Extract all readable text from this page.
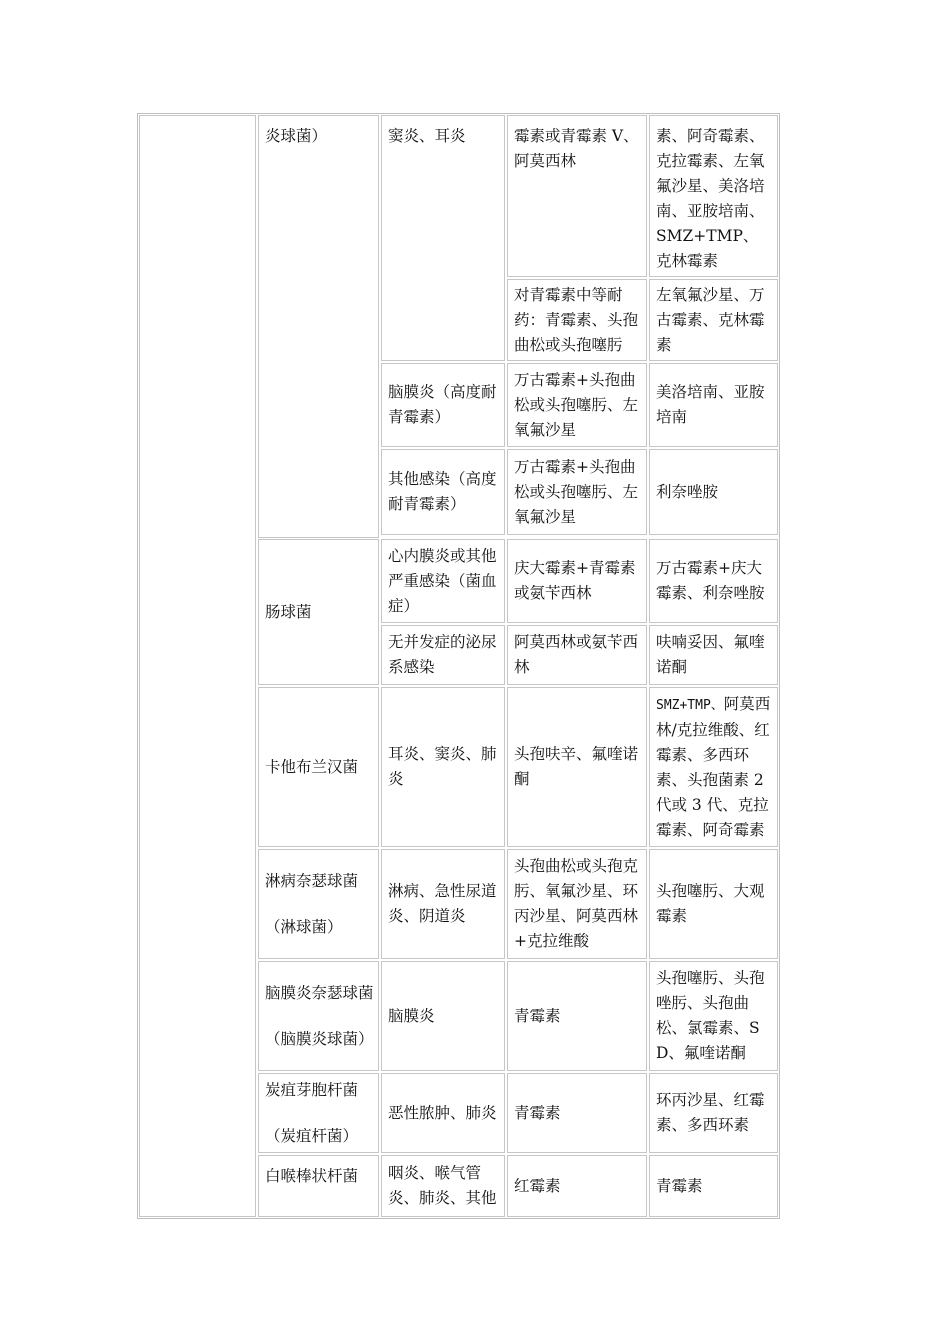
炎球菌）
肠球菌
卡他布兰汉菌
淋病奈瑟球菌
（淋球菌）
脑膜炎奈瑟球菌
（脑膜炎球菌）
炭疽芽胞杆菌
（炭疽杆菌）
白喉棒状杆菌
窦炎、耳炎
脑膜炎（高度耐青霉素）
其他感染（高度耐青霉素）
心内膜炎或其他严重感染（菌血症）
无并发症的泌尿系感染
耳炎、窦炎、肺炎
淋病、急性尿道炎、阴道炎
脑膜炎
恶性脓肿、肺炎
咽炎、喉气管炎、肺炎、其他
霉素或青霉素 V、阿莫西林
对青霉素中等耐药：青霉素、头孢曲松或头孢噻肟
万古霉素+头孢曲松或头孢噻肟、左氧氟沙星
万古霉素+头孢曲松或头孢噻肟、左氧氟沙星
庆大霉素+青霉素或氨苄西林
阿莫西林或氨苄西林
头孢呋辛、氟喹诺酮
头孢曲松或头孢克肟、氧氟沙星、环丙沙星、阿莫西林+克拉维酸
青霉素
青霉素
红霉素
素、阿奇霉素、克拉霉素、左氧氟沙星、美洛培南、亚胺培南、SMZ+TMP、克林霉素
左氧氟沙星、万古霉素、克林霉素
美洛培南、亚胺培南
利奈唑胺
万古霉素+庆大霉素、利奈唑胺
呋喃妥因、氟喹诺酮
SMZ+TMP、阿莫西林/克拉维酸、红霉素、多西环素、头孢菌素 2 代或 3 代、克拉霉素、阿奇霉素
头孢噻肟、大观霉素
头孢噻肟、头孢唑肟、头孢曲松、氯霉素、SD、氟喹诺酮
环丙沙星、红霉素、多西环素
青霉素
